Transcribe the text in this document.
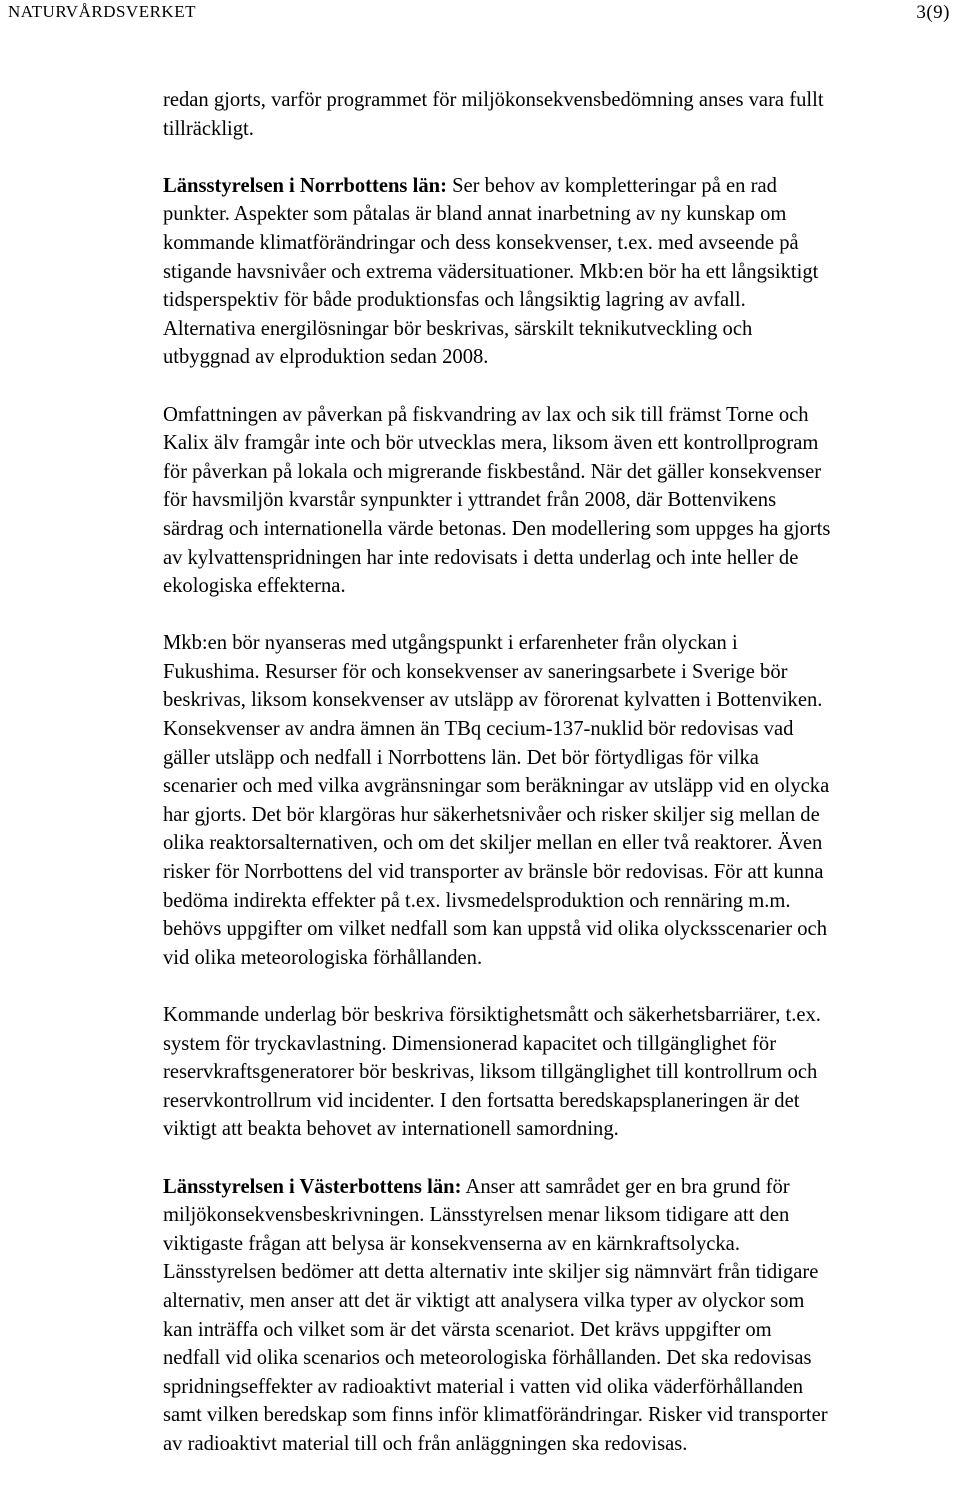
NATURVÅRDSVERKET	3(9)

redan gjorts, varför programmet för miljökonsekvensbedömning anses vara fullt
tillräckligt.

Länsstyrelsen i Norrbottens län: Ser behov av kompletteringar på en rad
punkter. Aspekter som påtalas är bland annat inarbetning av ny kunskap om
kommande klimatförändringar och dess konsekvenser, t.ex. med avseende på
stigande havsnivåer och extrema vädersituationer. Mkb:en bör ha ett långsiktigt
tidsperspektiv för både produktionsfas och långsiktig lagring av avfall.
Alternativa energilösningar bör beskrivas, särskilt teknikutveckling och
utbyggnad av elproduktion sedan 2008.

Omfattningen av påverkan på fiskvandring av lax och sik till främst Torne och
Kalix älv framgår inte och bör utvecklas mera, liksom även ett kontrollprogram
för påverkan på lokala och migrerande fiskbestånd. När det gäller konsekvenser
för havsmiljön kvarstår synpunkter i yttrandet från 2008, där Bottenvikens
särdrag och internationella värde betonas. Den modellering som uppges ha gjorts
av kylvattenspridningen har inte redovisats i detta underlag och inte heller de
ekologiska effekterna.

Mkb:en bör nyanseras med utgångspunkt i erfarenheter från olyckan i
Fukushima. Resurser för och konsekvenser av saneringsarbete i Sverige bör
beskrivas, liksom konsekvenser av utsläpp av förorenat kylvatten i Bottenviken.
Konsekvenser av andra ämnen än TBq cecium-137-nuklid bör redovisas vad
gäller utsläpp och nedfall i Norrbottens län. Det bör förtydligas för vilka
scenarier och med vilka avgränsningar som beräkningar av utsläpp vid en olycka
har gjorts. Det bör klargöras hur säkerhetsnivåer och risker skiljer sig mellan de
olika reaktorsalternativen, och om det skiljer mellan en eller två reaktorer. Även
risker för Norrbottens del vid transporter av bränsle bör redovisas. För att kunna
bedöma indirekta effekter på t.ex. livsmedelsproduktion och rennäring m.m.
behövs uppgifter om vilket nedfall som kan uppstå vid olika olycksscenarier och
vid olika meteorologiska förhållanden.

Kommande underlag bör beskriva försiktighetsmått och säkerhetsbarriärer, t.ex.
system för tryckavlastning. Dimensionerad kapacitet och tillgänglighet för
reservkraftsgeneratorer bör beskrivas, liksom tillgänglighet till kontrollrum och
reservkontrollrum vid incidenter. I den fortsatta beredskapsplaneringen är det
viktigt att beakta behovet av internationell samordning.

Länsstyrelsen i Västerbottens län: Anser att samrådet ger en bra grund för
miljökonsekvensbeskrivningen. Länsstyrelsen menar liksom tidigare att den
viktigaste frågan att belysa är konsekvenserna av en kärnkraftsolycka.
Länsstyrelsen bedömer att detta alternativ inte skiljer sig nämnvärt från tidigare
alternativ, men anser att det är viktigt att analysera vilka typer av olyckor som
kan inträffa och vilket som är det värsta scenariot. Det krävs uppgifter om
nedfall vid olika scenarios och meteorologiska förhållanden. Det ska redovisas
spridningseffekter av radioaktivt material i vatten vid olika väderförhållanden
samt vilken beredskap som finns inför klimatförändringar. Risker vid transporter
av radioaktivt material till och från anläggningen ska redovisas.
